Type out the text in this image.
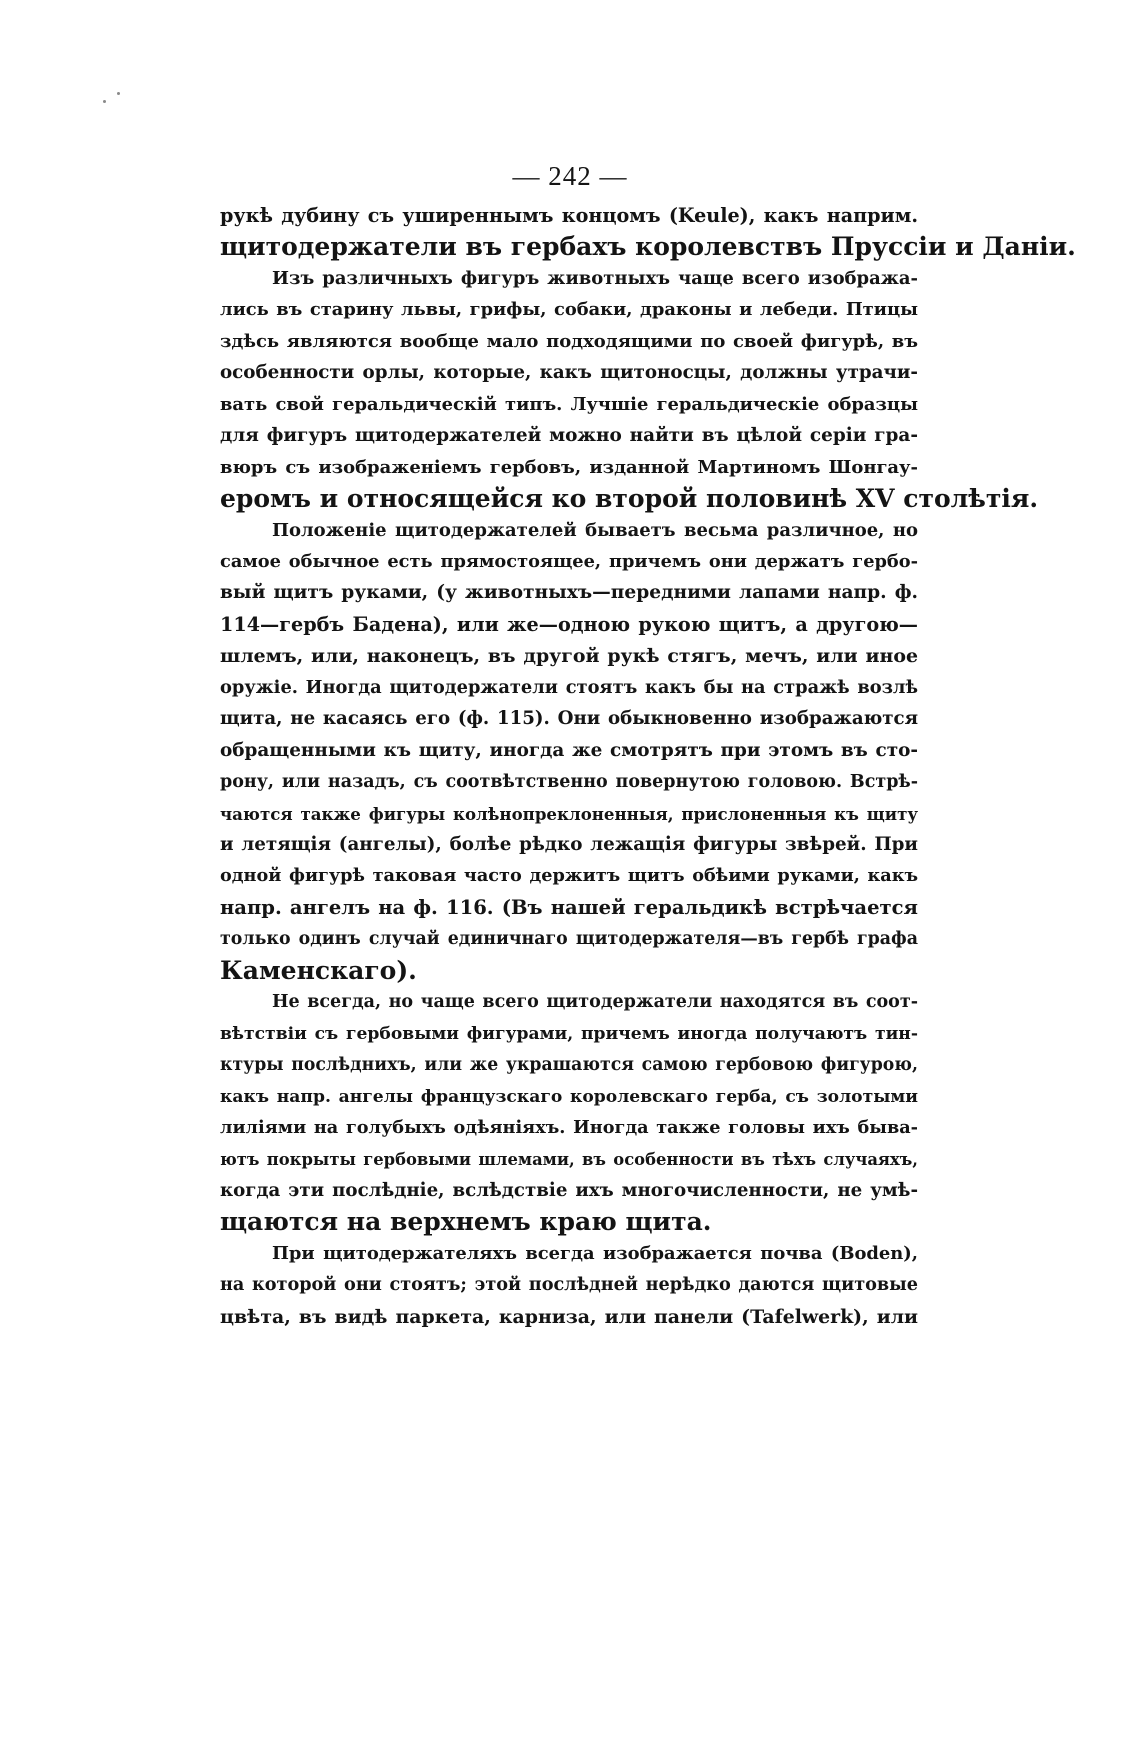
— 242 —
рукѣ дубину съ уширеннымъ концомъ (Keule), какъ наприм.
щитодержатели въ гербахъ королевствъ Пруссіи и Даніи.
Изъ различныхъ фигуръ животныхъ чаще всего изобража-
лись въ старину львы, грифы, собаки, драконы и лебеди. Птицы
здѣсь являются вообще мало подходящими по своей фигурѣ, въ
особенности орлы, которые, какъ щитоносцы, должны утрачи-
вать свой геральдическій типъ. Лучшіе геральдическіе образцы
для фигуръ щитодержателей можно найти въ цѣлой серіи гра-
вюръ съ изображеніемъ гербовъ, изданной Мартиномъ Шонгау-
еромъ и относящейся ко второй половинѣ XV столѣтія.
Положеніе щитодержателей бываетъ весьма различное, но
самое обычное есть прямостоящее, причемъ они держатъ гербо-
вый щитъ руками, (у животныхъ—передними лапами напр. ф.
114—гербъ Бадена), или же—одною рукою щитъ, а другою—
шлемъ, или, наконецъ, въ другой рукѣ стягъ, мечъ, или иное
оружіе. Иногда щитодержатели стоятъ какъ бы на стражѣ возлѣ
щита, не касаясь его (ф. 115). Они обыкновенно изображаются
обращенными къ щиту, иногда же смотрятъ при этомъ въ сто-
рону, или назадъ, съ соотвѣтственно повернутою головою. Встрѣ-
чаются также фигуры колѣнопреклоненныя, прислоненныя къ щиту
и летящія (ангелы), болѣе рѣдко лежащія фигуры звѣрей. При
одной фигурѣ таковая часто держитъ щитъ обѣими руками, какъ
напр. ангелъ на ф. 116. (Въ нашей геральдикѣ встрѣчается
только одинъ случай единичнаго щитодержателя—въ гербѣ графа
Каменскаго).
Не всегда, но чаще всего щитодержатели находятся въ соот-
вѣтствіи съ гербовыми фигурами, причемъ иногда получаютъ тин-
ктуры послѣднихъ, или же украшаются самою гербовою фигурою,
какъ напр. ангелы французскаго королевскаго герба, съ золотыми
лиліями на голубыхъ одѣяніяхъ. Иногда также головы ихъ быва-
ютъ покрыты гербовыми шлемами, въ особенности въ тѣхъ случаяхъ,
когда эти послѣдніе, вслѣдствіе ихъ многочисленности, не умѣ-
щаются на верхнемъ краю щита.
При щитодержателяхъ всегда изображается почва (Boden),
на которой они стоятъ; этой послѣдней нерѣдко даются щитовые
цвѣта, въ видѣ паркета, карниза, или панели (Tafelwerk), или
